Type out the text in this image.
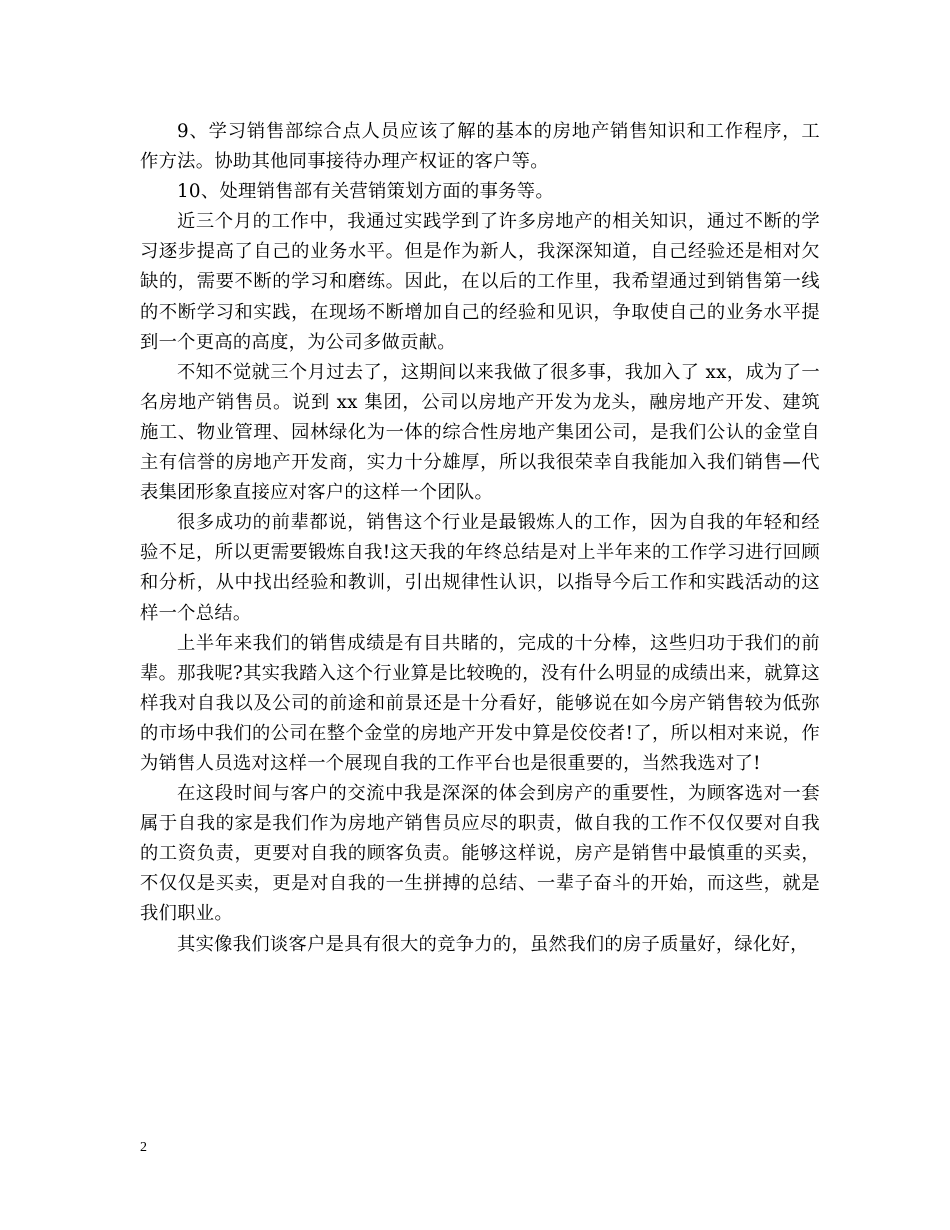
9、学习销售部综合点人员应该了解的基本的房地产销售知识和工作程序，工作方法。协助其他同事接待办理产权证的客户等。

10、处理销售部有关营销策划方面的事务等。

近三个月的工作中，我通过实践学到了许多房地产的相关知识，通过不断的学习逐步提高了自己的业务水平。但是作为新人，我深深知道，自己经验还是相对欠缺的，需要不断的学习和磨练。因此，在以后的工作里，我希望通过到销售第一线的不断学习和实践，在现场不断增加自己的经验和见识，争取使自己的业务水平提到一个更高的高度，为公司多做贡献。

不知不觉就三个月过去了，这期间以来我做了很多事，我加入了 xx，成为了一名房地产销售员。说到 xx 集团，公司以房地产开发为龙头，融房地产开发、建筑施工、物业管理、园林绿化为一体的综合性房地产集团公司，是我们公认的金堂自主有信誉的房地产开发商，实力十分雄厚，所以我很荣幸自我能加入我们销售—代表集团形象直接应对客户的这样一个团队。

很多成功的前辈都说，销售这个行业是最锻炼人的工作，因为自我的年轻和经验不足，所以更需要锻炼自我!这天我的年终总结是对上半年来的工作学习进行回顾和分析，从中找出经验和教训，引出规律性认识，以指导今后工作和实践活动的这样一个总结。

上半年来我们的销售成绩是有目共睹的，完成的十分棒，这些归功于我们的前辈。那我呢?其实我踏入这个行业算是比较晚的，没有什么明显的成绩出来，就算这样我对自我以及公司的前途和前景还是十分看好，能够说在如今房产销售较为低弥的市场中我们的公司在整个金堂的房地产开发中算是佼佼者!了，所以相对来说，作为销售人员选对这样一个展现自我的工作平台也是很重要的，当然我选对了!

在这段时间与客户的交流中我是深深的体会到房产的重要性，为顾客选对一套属于自我的家是我们作为房地产销售员应尽的职责，做自我的工作不仅仅要对自我的工资负责，更要对自我的顾客负责。能够这样说，房产是销售中最慎重的买卖，不仅仅是买卖，更是对自我的一生拼搏的总结、一辈子奋斗的开始，而这些，就是我们职业。

其实像我们谈客户是具有很大的竞争力的，虽然我们的房子质量好，绿化好，

2
